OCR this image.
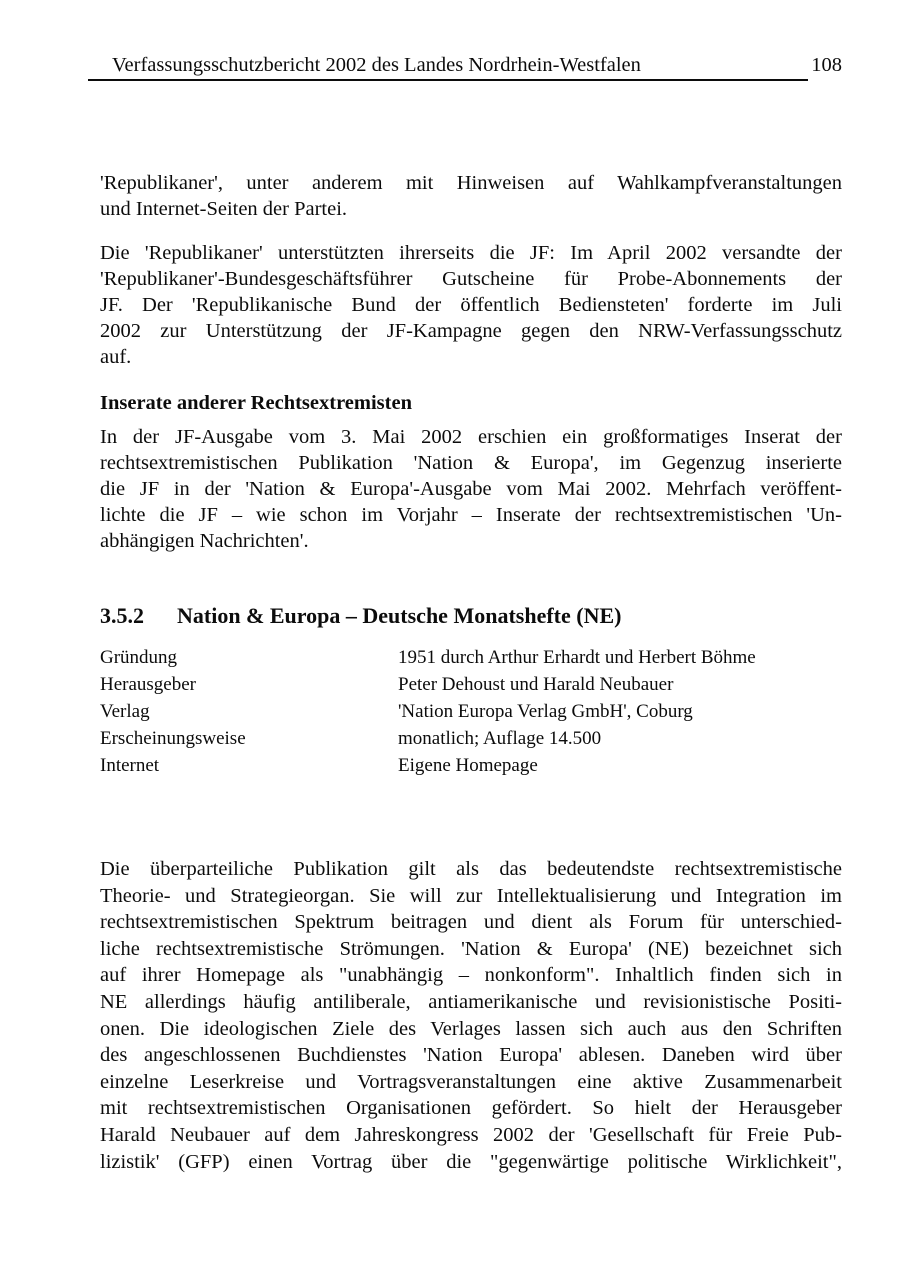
Verfassungsschutzbericht 2002 des Landes Nordrhein-Westfalen	108
'Republikaner', unter anderem mit Hinweisen auf Wahlkampfveranstaltungen
und Internet-Seiten der Partei.
Die 'Republikaner' unterstützten ihrerseits die JF: Im April 2002 versandte der
'Republikaner'-Bundesgeschäftsführer Gutscheine für Probe-Abonnements der
JF. Der 'Republikanische Bund der öffentlich Bediensteten' forderte im Juli
2002 zur Unterstützung der JF-Kampagne gegen den NRW-Verfassungsschutz
auf.
Inserate anderer Rechtsextremisten
In der JF-Ausgabe vom 3. Mai 2002 erschien ein großformatiges Inserat der
rechtsextremistischen Publikation 'Nation & Europa', im Gegenzug inserierte
die JF in der 'Nation & Europa'-Ausgabe vom Mai 2002. Mehrfach veröffent-
lichte die JF – wie schon im Vorjahr – Inserate der rechtsextremistischen 'Un-
abhängigen Nachrichten'.
3.5.2 Nation & Europa – Deutsche Monatshefte (NE)
Gründung	1951 durch Arthur Erhardt und Herbert Böhme
Herausgeber	Peter Dehoust und Harald Neubauer
Verlag	'Nation Europa Verlag GmbH', Coburg
Erscheinungsweise	monatlich; Auflage 14.500
Internet	Eigene Homepage
Die überparteiliche Publikation gilt als das bedeutendste rechtsextremistische
Theorie- und Strategieorgan. Sie will zur Intellektualisierung und Integration im
rechtsextremistischen Spektrum beitragen und dient als Forum für unterschied-
liche rechtsextremistische Strömungen. 'Nation & Europa' (NE) bezeichnet sich
auf ihrer Homepage als "unabhängig – nonkonform". Inhaltlich finden sich in
NE allerdings häufig antiliberale, antiamerikanische und revisionistische Positi-
onen. Die ideologischen Ziele des Verlages lassen sich auch aus den Schriften
des angeschlossenen Buchdienstes 'Nation Europa' ablesen. Daneben wird über
einzelne Leserkreise und Vortragsveranstaltungen eine aktive Zusammenarbeit
mit rechtsextremistischen Organisationen gefördert. So hielt der Herausgeber
Harald Neubauer auf dem Jahreskongress 2002 der 'Gesellschaft für Freie Pub-
lizistik' (GFP) einen Vortrag über die "gegenwärtige politische Wirklichkeit",
